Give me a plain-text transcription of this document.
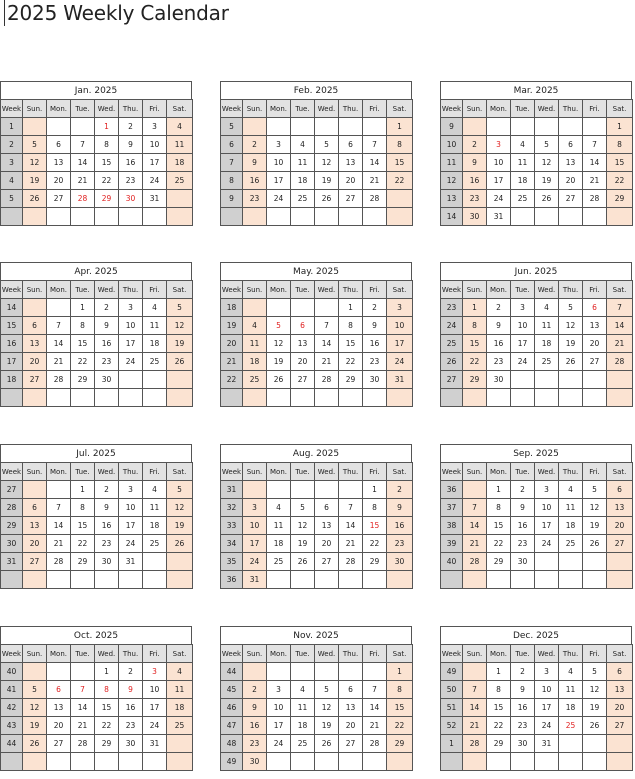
2025 Weekly Calendar
Jan. 2025
Week	Sun.	Mon.	Tue.	Wed.	Thu.	Fri.	Sat.
1				1	2	3	4
2	5	6	7	8	9	10	11
3	12	13	14	15	16	17	18
4	19	20	21	22	23	24	25
5	26	27	28	29	30	31	

Feb. 2025
Week	Sun.	Mon.	Tue.	Wed.	Thu.	Fri.	Sat.
5							1
6	2	3	4	5	6	7	8
7	9	10	11	12	13	14	15
8	16	17	18	19	20	21	22
9	23	24	25	26	27	28	

Mar. 2025
Week	Sun.	Mon.	Tue.	Wed.	Thu.	Fri.	Sat.
9							1
10	2	3	4	5	6	7	8
11	9	10	11	12	13	14	15
12	16	17	18	19	20	21	22
13	23	24	25	26	27	28	29
14	30	31					
Apr. 2025
Week	Sun.	Mon.	Tue.	Wed.	Thu.	Fri.	Sat.
14			1	2	3	4	5
15	6	7	8	9	10	11	12
16	13	14	15	16	17	18	19
17	20	21	22	23	24	25	26
18	27	28	29	30			

May. 2025
Week	Sun.	Mon.	Tue.	Wed.	Thu.	Fri.	Sat.
18					1	2	3
19	4	5	6	7	8	9	10
20	11	12	13	14	15	16	17
21	18	19	20	21	22	23	24
22	25	26	27	28	29	30	31

Jun. 2025
Week	Sun.	Mon.	Tue.	Wed.	Thu.	Fri.	Sat.
23	1	2	3	4	5	6	7
24	8	9	10	11	12	13	14
25	15	16	17	18	19	20	21
26	22	23	24	25	26	27	28
27	29	30					

Jul. 2025
Week	Sun.	Mon.	Tue.	Wed.	Thu.	Fri.	Sat.
27			1	2	3	4	5
28	6	7	8	9	10	11	12
29	13	14	15	16	17	18	19
30	20	21	22	23	24	25	26
31	27	28	29	30	31		

Aug. 2025
Week	Sun.	Mon.	Tue.	Wed.	Thu.	Fri.	Sat.
31						1	2
32	3	4	5	6	7	8	9
33	10	11	12	13	14	15	16
34	17	18	19	20	21	22	23
35	24	25	26	27	28	29	30
36	31						
Sep. 2025
Week	Sun.	Mon.	Tue.	Wed.	Thu.	Fri.	Sat.
36		1	2	3	4	5	6
37	7	8	9	10	11	12	13
38	14	15	16	17	18	19	20
39	21	22	23	24	25	26	27
40	28	29	30				

Oct. 2025
Week	Sun.	Mon.	Tue.	Wed.	Thu.	Fri.	Sat.
40				1	2	3	4
41	5	6	7	8	9	10	11
42	12	13	14	15	16	17	18
43	19	20	21	22	23	24	25
44	26	27	28	29	30	31	

Nov. 2025
Week	Sun.	Mon.	Tue.	Wed.	Thu.	Fri.	Sat.
44							1
45	2	3	4	5	6	7	8
46	9	10	11	12	13	14	15
47	16	17	18	19	20	21	22
48	23	24	25	26	27	28	29
49	30						
Dec. 2025
Week	Sun.	Mon.	Tue.	Wed.	Thu.	Fri.	Sat.
49		1	2	3	4	5	6
50	7	8	9	10	11	12	13
51	14	15	16	17	18	19	20
52	21	22	23	24	25	26	27
1	28	29	30	31			
